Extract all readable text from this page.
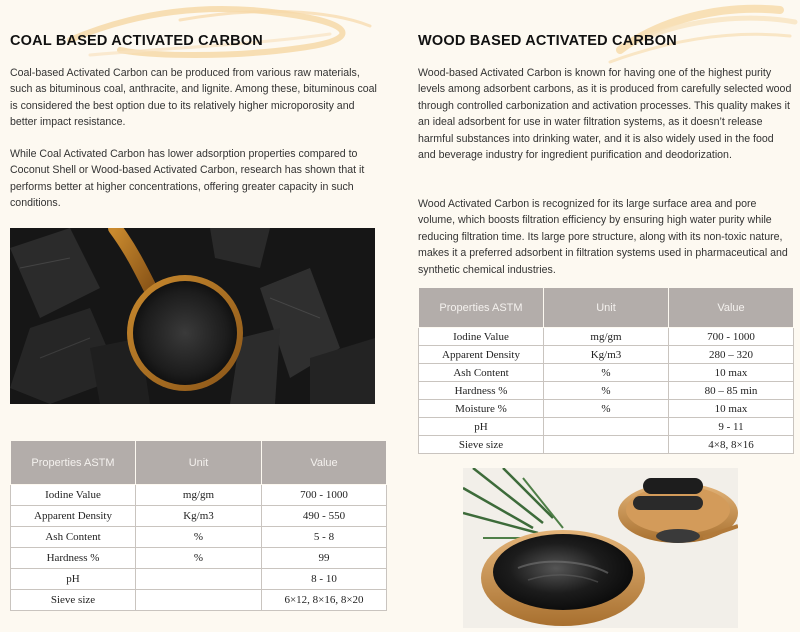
COAL BASED ACTIVATED CARBON

Coal-based Activated Carbon can be produced from various raw materials, such as bituminous coal, anthracite, and lignite. Among these, bituminous coal is considered the best option due to its relatively higher microporosity and better impact resistance.

While Coal Activated Carbon has lower adsorption properties compared to Coconut Shell or Wood-based Activated Carbon, research has shown that it performs better at higher concentrations, offering greater capacity in such conditions.

Properties ASTM	Unit	Value
Iodine Value	mg/gm	700 - 1000
Apparent Density	Kg/m3	490 - 550
Ash Content	%	5 - 8
Hardness %	%	99
pH		8 - 10
Sieve size		6×12, 8×16, 8×20
WOOD BASED ACTIVATED CARBON

Wood-based Activated Carbon is known for having one of the highest purity levels among adsorbent carbons, as it is produced from carefully selected wood through controlled carbonization and activation processes. This quality makes it an ideal adsorbent for use in water filtration systems, as it doesn’t release harmful substances into drinking water, and it is also widely used in the food and beverage industry for ingredient purification and deodorization.

Wood Activated Carbon is recognized for its large surface area and pore volume, which boosts filtration efficiency by ensuring high water purity while reducing filtration time. Its large pore structure, along with its non-toxic nature, makes it a preferred adsorbent in filtration systems used in pharmaceutical and synthetic chemical industries.

Properties ASTM	Unit	Value
Iodine Value	mg/gm	700 - 1000
Apparent Density	Kg/m3	280 – 320
Ash Content	%	10 max
Hardness %	%	80 – 85 min
Moisture %	%	10 max
pH		9 - 11
Sieve size		4×8, 8×16
